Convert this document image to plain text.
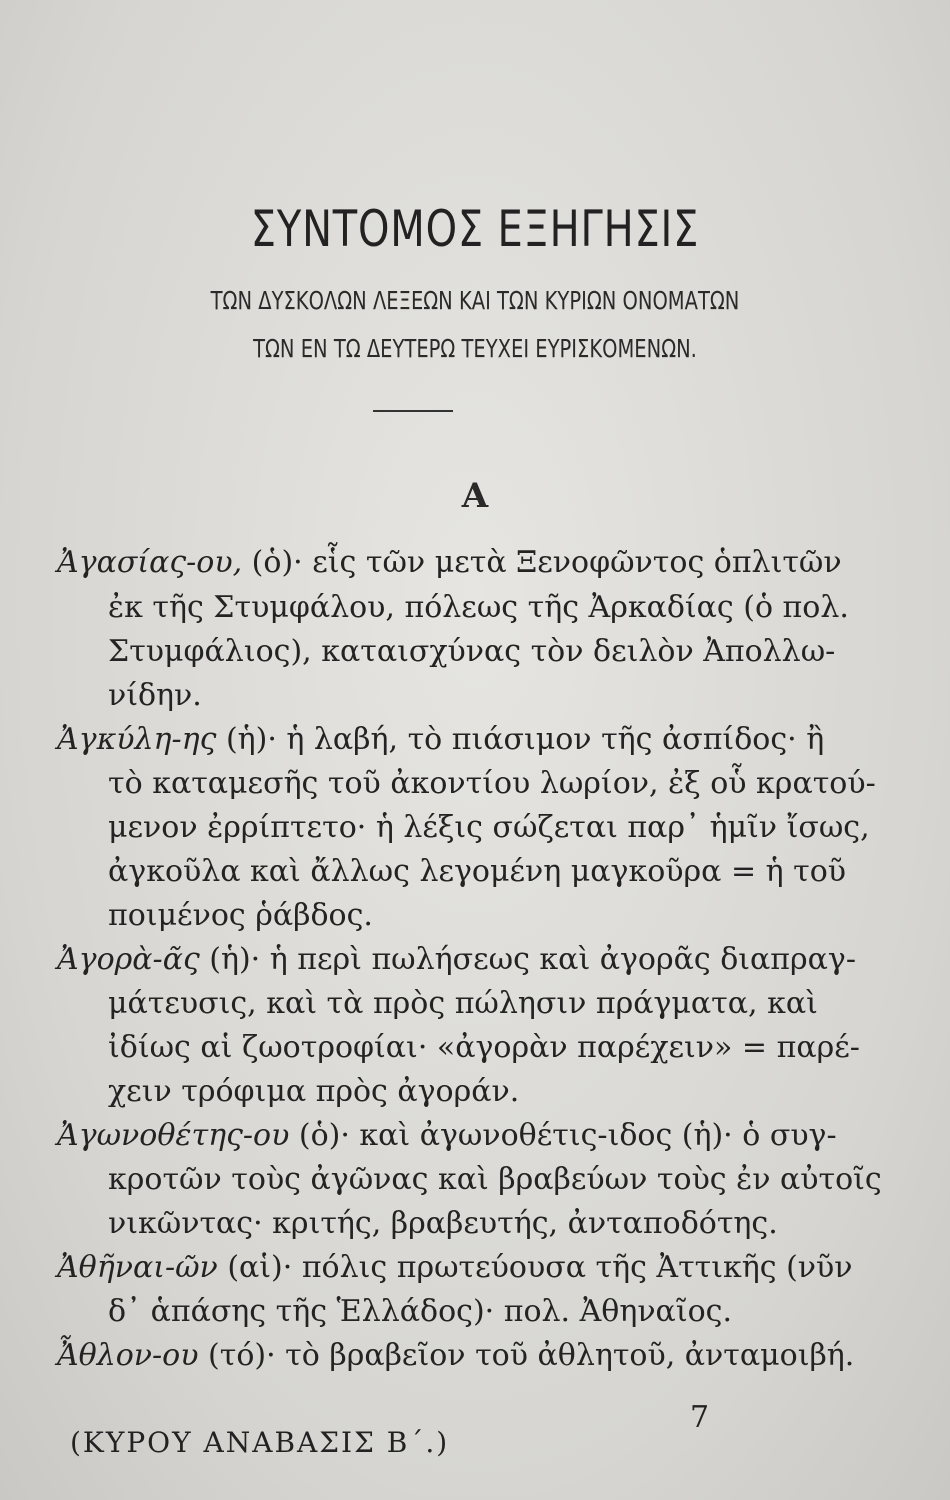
ΣΥΝΤΟΜΟΣ ΕΞΗΓΗΣΙΣ
ΤΩΝ ΔΥΣΚΟΛΩΝ ΛΕΞΕΩΝ ΚΑΙ ΤΩΝ ΚΥΡΙΩΝ ΟΝΟΜΑΤΩΝ
ΤΩΝ ΕΝ ΤΩ ΔΕΥΤΕΡΩ ΤΕΥΧΕΙ ΕΥΡΙΣΚΟΜΕΝΩΝ.
Α
Ἀγασίας-ου, (ὁ)· εἷς τῶν μετὰ Ξενοφῶντος ὁπλιτῶν
ἐκ τῆς Στυμφάλου, πόλεως τῆς Ἀρκαδίας (ὁ πολ.
Στυμφάλιος), καταισχύνας τὸν δειλὸν Ἀπολλω-
νίδην.
Ἀγκύλη-ης (ἡ)· ἡ λαβή, τὸ πιάσιμον τῆς ἀσπίδος· ἢ
τὸ καταμεσῆς τοῦ ἀκοντίου λωρίον, ἐξ οὗ κρατού-
μενον ἐρρίπτετο· ἡ λέξις σώζεται παρ᾽ ἡμῖν ἴσως,
ἀγκοῦλα καὶ ἄλλως λεγομένη μαγκοῦρα = ἡ τοῦ
ποιμένος ῥάβδος.
Ἀγορὰ-ᾶς (ἡ)· ἡ περὶ πωλήσεως καὶ ἀγορᾶς διαπραγ-
μάτευσις, καὶ τὰ πρὸς πώλησιν πράγματα, καὶ
ἰδίως αἱ ζωοτροφίαι· «ἀγορὰν παρέχειν» = παρέ-
χειν τρόφιμα πρὸς ἀγοράν.
Ἀγωνοθέτης-ου (ὁ)· καὶ ἀγωνοθέτις-ιδος (ἡ)· ὁ συγ-
κροτῶν τοὺς ἀγῶνας καὶ βραβεύων τοὺς ἐν αὐτοῖς
νικῶντας· κριτής, βραβευτής, ἀνταποδότης.
Ἀθῆναι-ῶν (αἱ)· πόλις πρωτεύουσα τῆς Ἀττικῆς (νῦν
δ᾽ ἁπάσης τῆς Ἑλλάδος)· πολ. Ἀθηναῖος.
Ἆθλον-ου (τό)· τὸ βραβεῖον τοῦ ἀθλητοῦ, ἀνταμοιβή.
(ΚΥΡΟΥ ΑΝΑΒΑΣΙΣ Β΄.)
7
